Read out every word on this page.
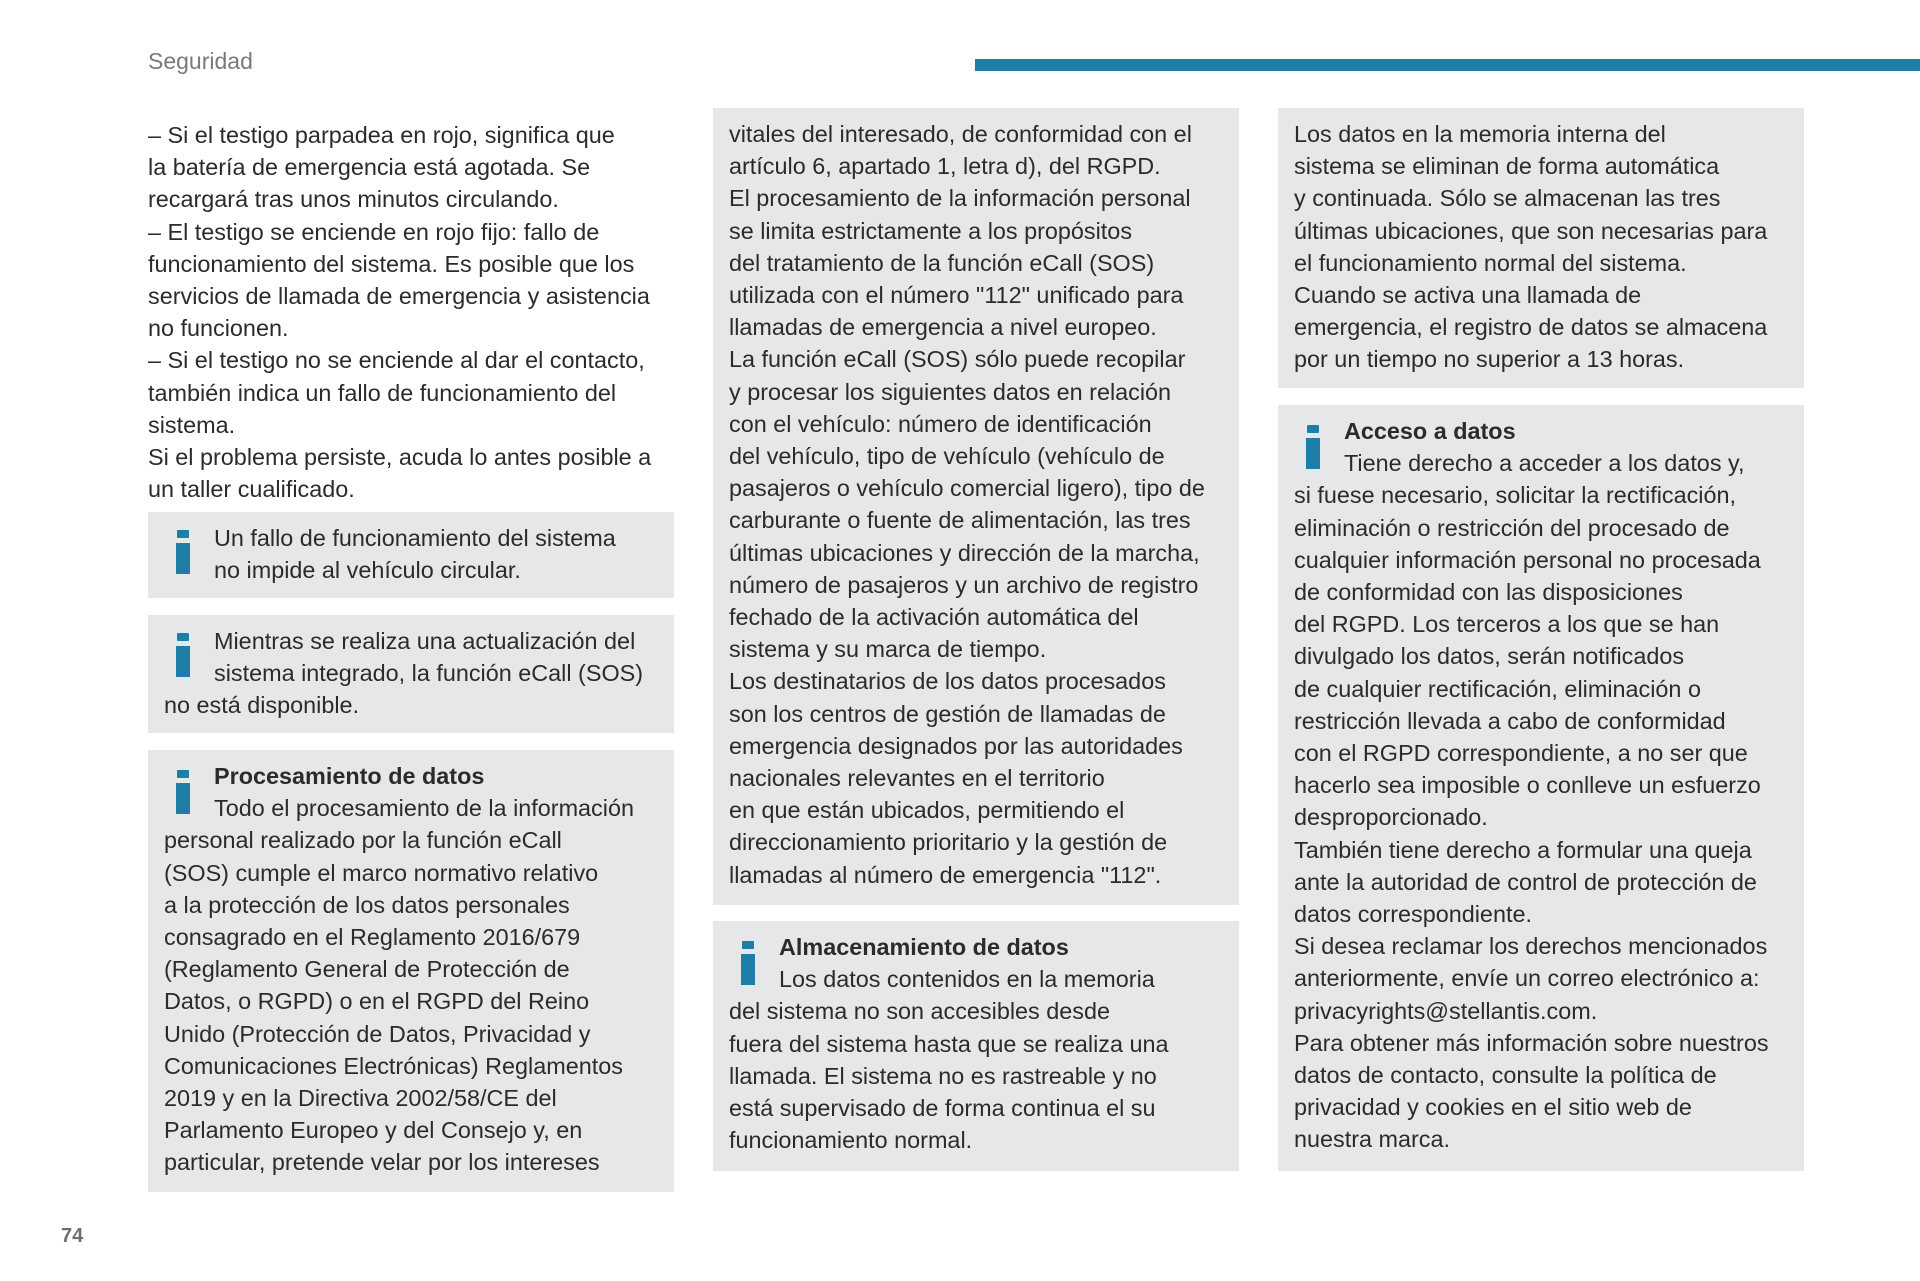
Seguridad

– Si el testigo parpadea en rojo, significa que

la batería de emergencia está agotada. Se

recargará tras unos minutos circulando.

– El testigo se enciende en rojo fijo: fallo de

funcionamiento del sistema. Es posible que los

servicios de llamada de emergencia y asistencia

no funcionen.

– Si el testigo no se enciende al dar el contacto,

también indica un fallo de funcionamiento del

sistema.

Si el problema persiste, acuda lo antes posible a

un taller cualificado.

Un fallo de funcionamiento del sistema
no impide al vehículo circular.
Mientras se realiza una actualización del
sistema integrado, la función eCall (SOS)
no está disponible.
Procesamiento de datos
Todo el procesamiento de la información
personal realizado por la función eCall
(SOS) cumple el marco normativo relativo
a la protección de los datos personales
consagrado en el Reglamento 2016/679
(Reglamento General de Protección de
Datos, o RGPD) o en el RGPD del Reino
Unido (Protección de Datos, Privacidad y
Comunicaciones Electrónicas) Reglamentos
2019 y en la Directiva 2002/58/CE del
Parlamento Europeo y del Consejo y, en
particular, pretende velar por los intereses
vitales del interesado, de conformidad con el
artículo 6, apartado 1, letra d), del RGPD.
El procesamiento de la información personal
se limita estrictamente a los propósitos
del tratamiento de la función eCall (SOS)
utilizada con el número "112" unificado para
llamadas de emergencia a nivel europeo.
La función eCall (SOS) sólo puede recopilar
y procesar los siguientes datos en relación
con el vehículo: número de identificación
del vehículo, tipo de vehículo (vehículo de
pasajeros o vehículo comercial ligero), tipo de
carburante o fuente de alimentación, las tres
últimas ubicaciones y dirección de la marcha,
número de pasajeros y un archivo de registro
fechado de la activación automática del
sistema y su marca de tiempo.
Los destinatarios de los datos procesados
son los centros de gestión de llamadas de
emergencia designados por las autoridades
nacionales relevantes en el territorio
en que están ubicados, permitiendo el
direccionamiento prioritario y la gestión de
llamadas al número de emergencia "112".
Almacenamiento de datos
Los datos contenidos en la memoria
del sistema no son accesibles desde
fuera del sistema hasta que se realiza una
llamada. El sistema no es rastreable y no
está supervisado de forma continua el su
funcionamiento normal.
Los datos en la memoria interna del
sistema se eliminan de forma automática
y continuada. Sólo se almacenan las tres
últimas ubicaciones, que son necesarias para
el funcionamiento normal del sistema.
Cuando se activa una llamada de
emergencia, el registro de datos se almacena
por un tiempo no superior a 13 horas.
Acceso a datos
Tiene derecho a acceder a los datos y,
si fuese necesario, solicitar la rectificación,
eliminación o restricción del procesado de
cualquier información personal no procesada
de conformidad con las disposiciones
del RGPD. Los terceros a los que se han
divulgado los datos, serán notificados
de cualquier rectificación, eliminación o
restricción llevada a cabo de conformidad
con el RGPD correspondiente, a no ser que
hacerlo sea imposible o conlleve un esfuerzo
desproporcionado.
También tiene derecho a formular una queja
ante la autoridad de control de protección de
datos correspondiente.
Si desea reclamar los derechos mencionados
anteriormente, envíe un correo electrónico a:
privacyrights@stellantis.com.
Para obtener más información sobre nuestros
datos de contacto, consulte la política de
privacidad y cookies en el sitio web de
nuestra marca.
74
